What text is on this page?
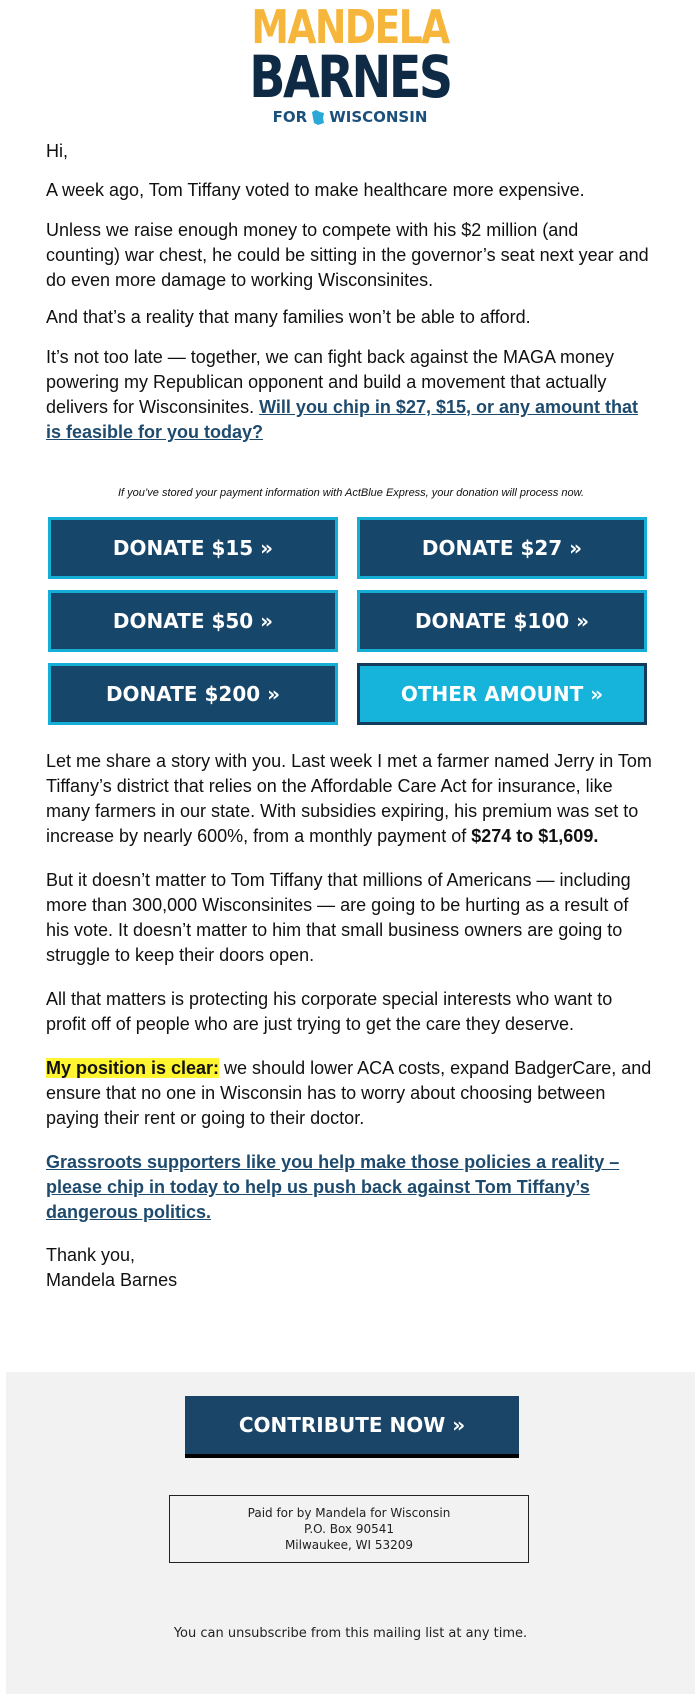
MANDELA
BARNES
FOR WISCONSIN

Hi,

A week ago, Tom Tiffany voted to make healthcare more expensive.

Unless we raise enough money to compete with his $2 million (and counting) war chest, he could be sitting in the governor’s seat next year and do even more damage to working Wisconsinites.

And that’s a reality that many families won’t be able to afford.

It’s not too late — together, we can fight back against the MAGA money powering my Republican opponent and build a movement that actually delivers for Wisconsinites. Will you chip in $27, $15, or any amount that is feasible for you today?

If you’ve stored your payment information with ActBlue Express, your donation will process now.
DONATE $15 »	DONATE $27 »
DONATE $50 »	DONATE $100 »
DONATE $200 »	OTHER AMOUNT »

Let me share a story with you. Last week I met a farmer named Jerry in Tom Tiffany’s district that relies on the Affordable Care Act for insurance, like many farmers in our state. With subsidies expiring, his premium was set to increase by nearly 600%, from a monthly payment of $274 to $1,609.

But it doesn’t matter to Tom Tiffany that millions of Americans — including more than 300,000 Wisconsinites — are going to be hurting as a result of his vote. It doesn’t matter to him that small business owners are going to struggle to keep their doors open.

All that matters is protecting his corporate special interests who want to profit off of people who are just trying to get the care they deserve.

My position is clear: we should lower ACA costs, expand BadgerCare, and ensure that no one in Wisconsin has to worry about choosing between paying their rent or going to their doctor.

Grassroots supporters like you help make those policies a reality – please chip in today to help us push back against Tom Tiffany’s dangerous politics.

Thank you,

Mandela Barnes

CONTRIBUTE NOW »
Paid for by Mandela for Wisconsin
P.O. Box 90541
Milwaukee, WI 53209
You can unsubscribe from this mailing list at any time.
